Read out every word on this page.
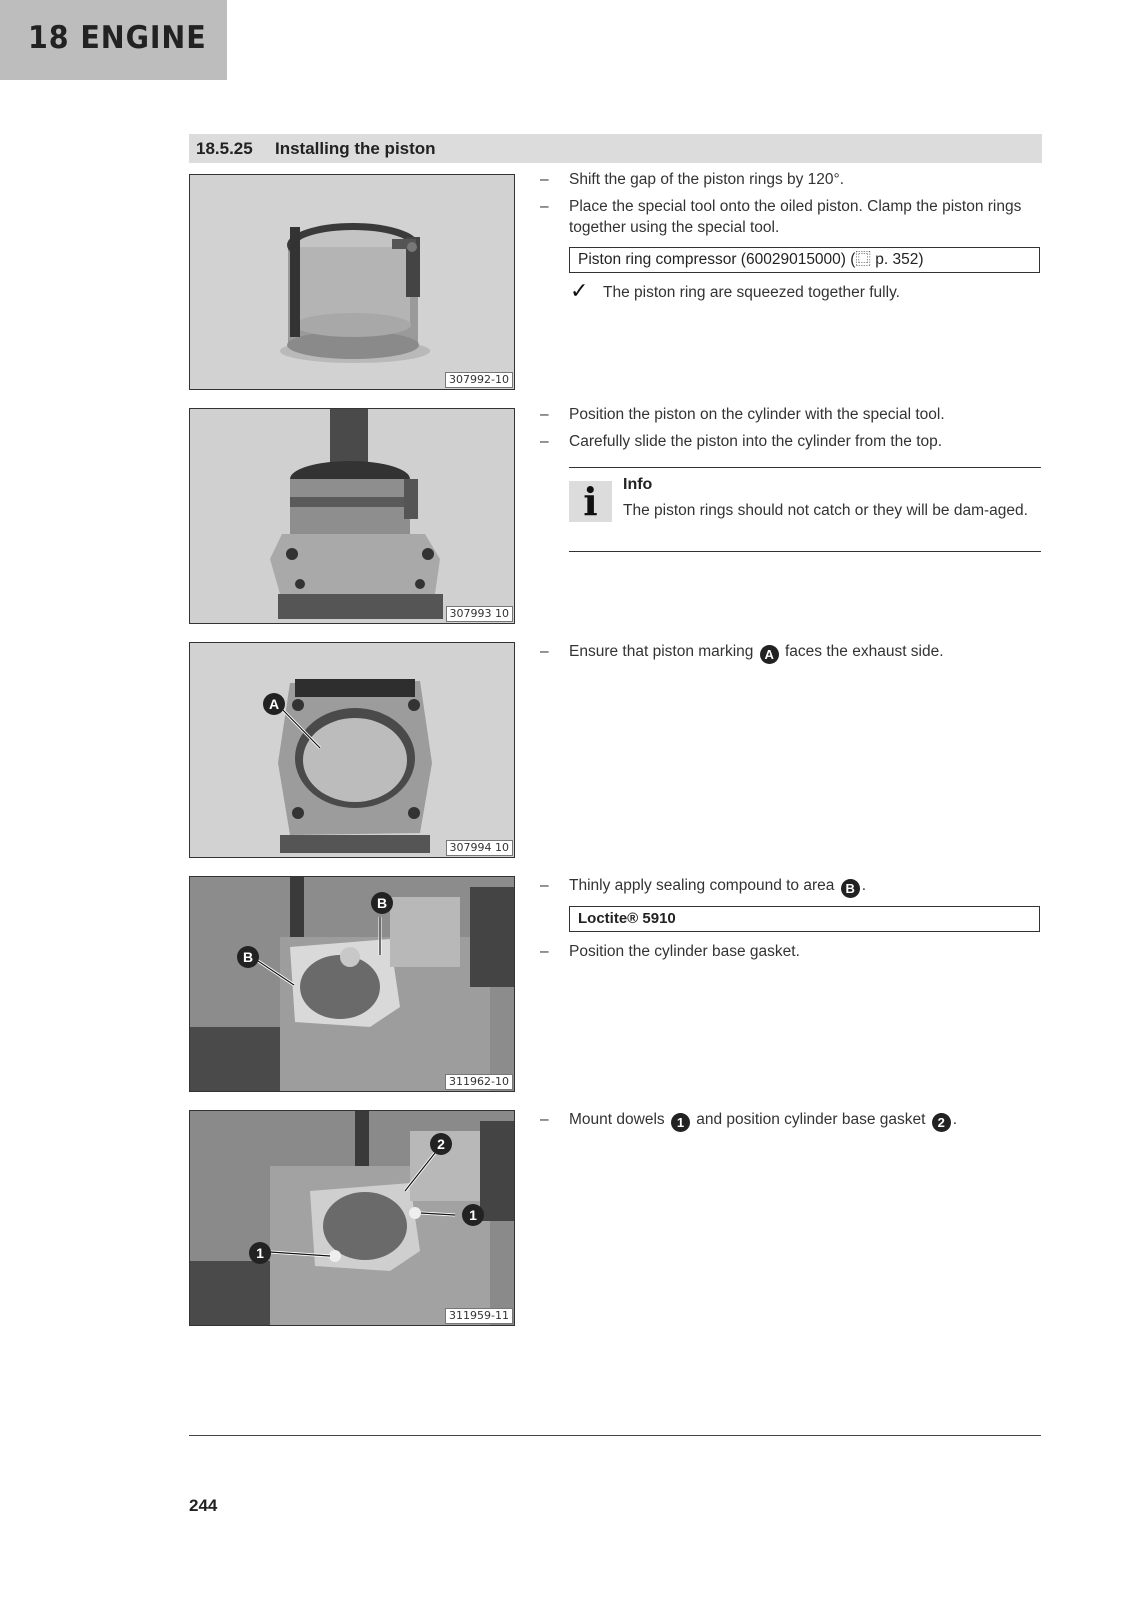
18 ENGINE
18.5.25 Installing the piston
307992-10
307993 10
A
307994 10
B
B
311962-10
2
1
1
311959-11
– Shift the gap of the piston rings by 120°.
– Place the special tool onto the oiled piston. Clamp the piston rings together using the special tool.
Piston ring compressor (60029015000) (⿴ p. 352)
✓ The piston ring are squeezed together fully.
– Position the piston on the cylinder with the special tool.
– Carefully slide the piston into the cylinder from the top.
i	Info
The piston rings should not catch or they will be dam-aged.
– Ensure that piston marking A faces the exhaust side.
– Thinly apply sealing compound to area B .
Loctite® 5910
– Position the cylinder base gasket.
– Mount dowels 1 and position cylinder base gasket 2 .
244
